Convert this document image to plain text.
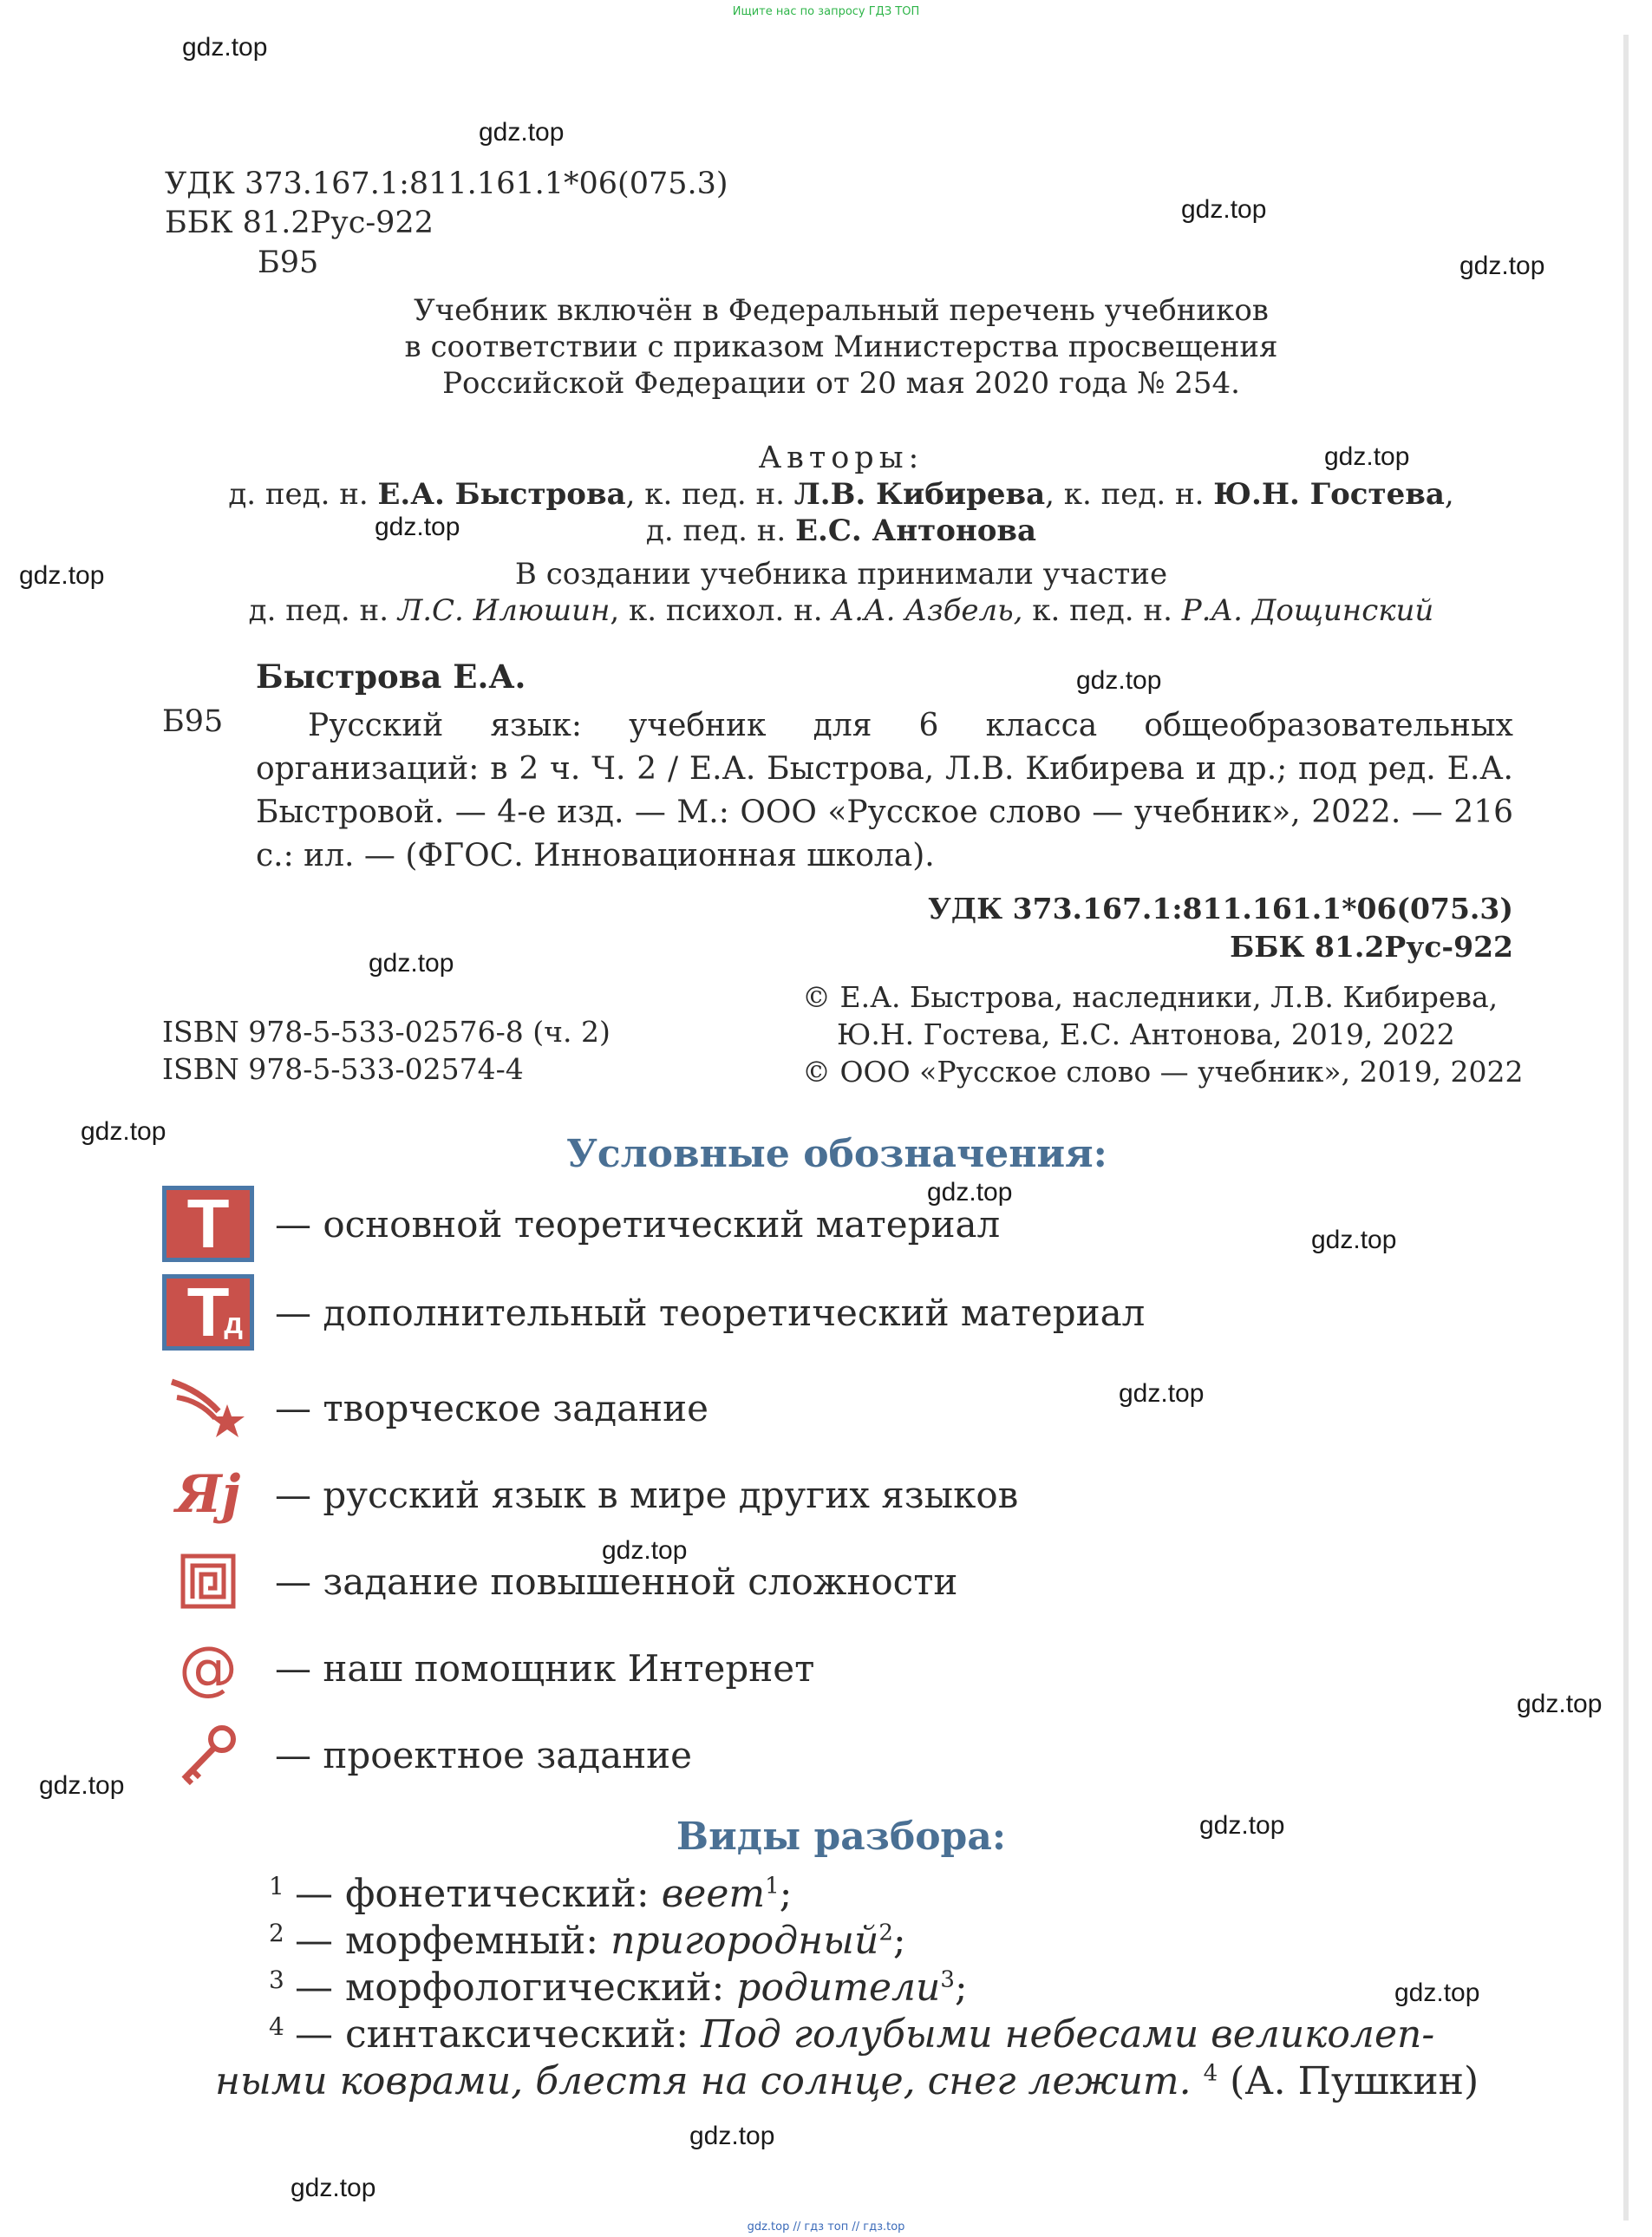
Ищите нас по запросу ГДЗ ТОП
УДК 373.167.1:811.161.1*06(075.3)
ББК 81.2Рус-922
Б95
Учебник включён в Федеральный перечень учебников
в соответствии с приказом Министерства просвещения
Российской Федерации от 20 мая 2020 года № 254.
Авторы:
д. пед. н. Е.А. Быстрова, к. пед. н. Л.В. Кибирева, к. пед. н. Ю.Н. Гостева,
д. пед. н. Е.С. Антонова
В создании учебника принимали участие
д. пед. н. Л.С. Илюшин, к. психол. н. А.А. Азбель, к. пед. н. Р.А. Дощинский
Быстрова Е.А.
Б95	Русский язык: учебник для 6 класса общеобразовательных организаций: в 2 ч. Ч. 2 / Е.А. Быстрова, Л.В. Кибирева и др.; под ред. Е.А. Быстровой. — 4-е изд. — М.: ООО «Русское слово — учебник», 2022. — 216 с.: ил. — (ФГОС. Инновационная школа).
УДК 373.167.1:811.161.1*06(075.3)
ББК 81.2Рус-922
ISBN 978-5-533-02576-8 (ч. 2)
ISBN 978-5-533-02574-4
© Е.А. Быстрова, наследники, Л.В. Кибирева,
Ю.Н. Гостева, Е.С. Антонова, 2019, 2022
© ООО «Русское слово — учебник», 2019, 2022
Условные обозначения:
Т — основной теоретический материал
Т
д — дополнительный теоретический материал
— творческое задание
Яj — русский язык в мире других языков
— задание повышенной сложности
@ — наш помощник Интернет
— проектное задание
Виды разбора:
1 — фонетический: веет$^1$;
2 — морфемный: пригородный$^2$;
3 — морфологический: родители$^3$;
4 — синтаксический: Под голубыми небесами великолеп-
ными коврами, блестя на солнце, снег лежит. $^4$ (А. Пушкин)
gdz.top
gdz.top
gdz.top
gdz.top
gdz.top
gdz.top
gdz.top
gdz.top
gdz.top
gdz.top
gdz.top
gdz.top
gdz.top
gdz.top
gdz.top
gdz.top
gdz.top
gdz.top
gdz.top
gdz.top
gdz.top // гдз топ // гдз.top
